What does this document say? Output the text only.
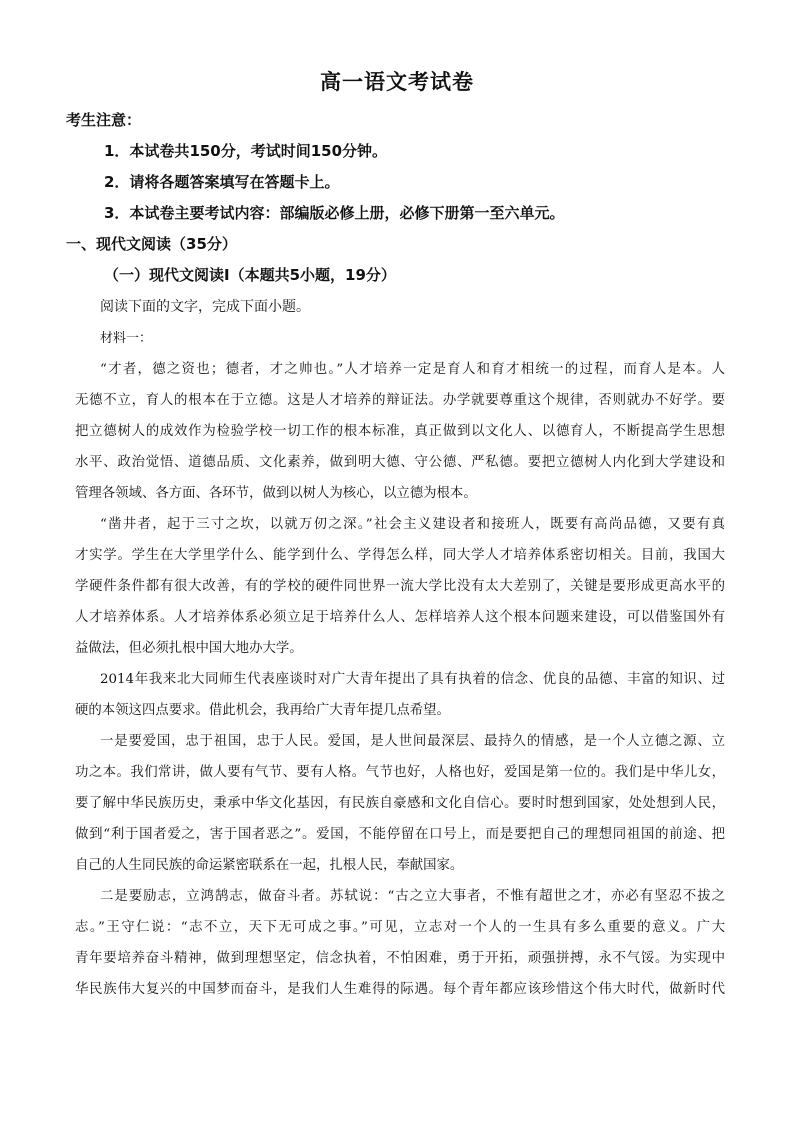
高一语文考试卷
考生注意：
1．本试卷共150分，考试时间150分钟。
2．请将各题答案填写在答题卡上。
3．本试卷主要考试内容：部编版必修上册，必修下册第一至六单元。
一、现代文阅读（35分）
（一）现代文阅读Ⅰ（本题共5小题，19分）
阅读下面的文字，完成下面小题。
材料一：
“才者，德之资也；德者，才之帅也。”人才培养一定是育人和育才相统一的过程，而育人是本。人
无德不立，育人的根本在于立德。这是人才培养的辩证法。办学就要尊重这个规律，否则就办不好学。要
把立德树人的成效作为检验学校一切工作的根本标准，真正做到以文化人、以德育人，不断提高学生思想
水平、政治觉悟、道德品质、文化素养，做到明大德、守公德、严私德。要把立德树人内化到大学建设和
管理各领域、各方面、各环节，做到以树人为核心，以立德为根本。
“凿井者，起于三寸之坎，以就万仞之深。”社会主义建设者和接班人，既要有高尚品德，又要有真
才实学。学生在大学里学什么、能学到什么、学得怎么样，同大学人才培养体系密切相关。目前，我国大
学硬件条件都有很大改善，有的学校的硬件同世界一流大学比没有太大差别了，关键是要形成更高水平的
人才培养体系。人才培养体系必须立足于培养什么人、怎样培养人这个根本问题来建设，可以借鉴国外有
益做法，但必须扎根中国大地办大学。
2014年我来北大同师生代表座谈时对广大青年提出了具有执着的信念、优良的品德、丰富的知识、过
硬的本领这四点要求。借此机会，我再给广大青年提几点希望。
一是要爱国，忠于祖国，忠于人民。爱国，是人世间最深层、最持久的情感，是一个人立德之源、立
功之本。我们常讲，做人要有气节、要有人格。气节也好，人格也好，爱国是第一位的。我们是中华儿女，
要了解中华民族历史，秉承中华文化基因，有民族自豪感和文化自信心。要时时想到国家，处处想到人民，
做到“利于国者爱之，害于国者恶之”。爱国，不能停留在口号上，而是要把自己的理想同祖国的前途、把
自己的人生同民族的命运紧密联系在一起，扎根人民，奉献国家。
二是要励志，立鸿鹄志，做奋斗者。苏轼说：“古之立大事者，不惟有超世之才，亦必有坚忍不拔之
志。”王守仁说：“志不立，天下无可成之事。”可见，立志对一个人的一生具有多么重要的意义。广大
青年要培养奋斗精神，做到理想坚定，信念执着，不怕困难，勇于开拓，顽强拼搏，永不气馁。为实现中
华民族伟大复兴的中国梦而奋斗，是我们人生难得的际遇。每个青年都应该珍惜这个伟大时代，做新时代
